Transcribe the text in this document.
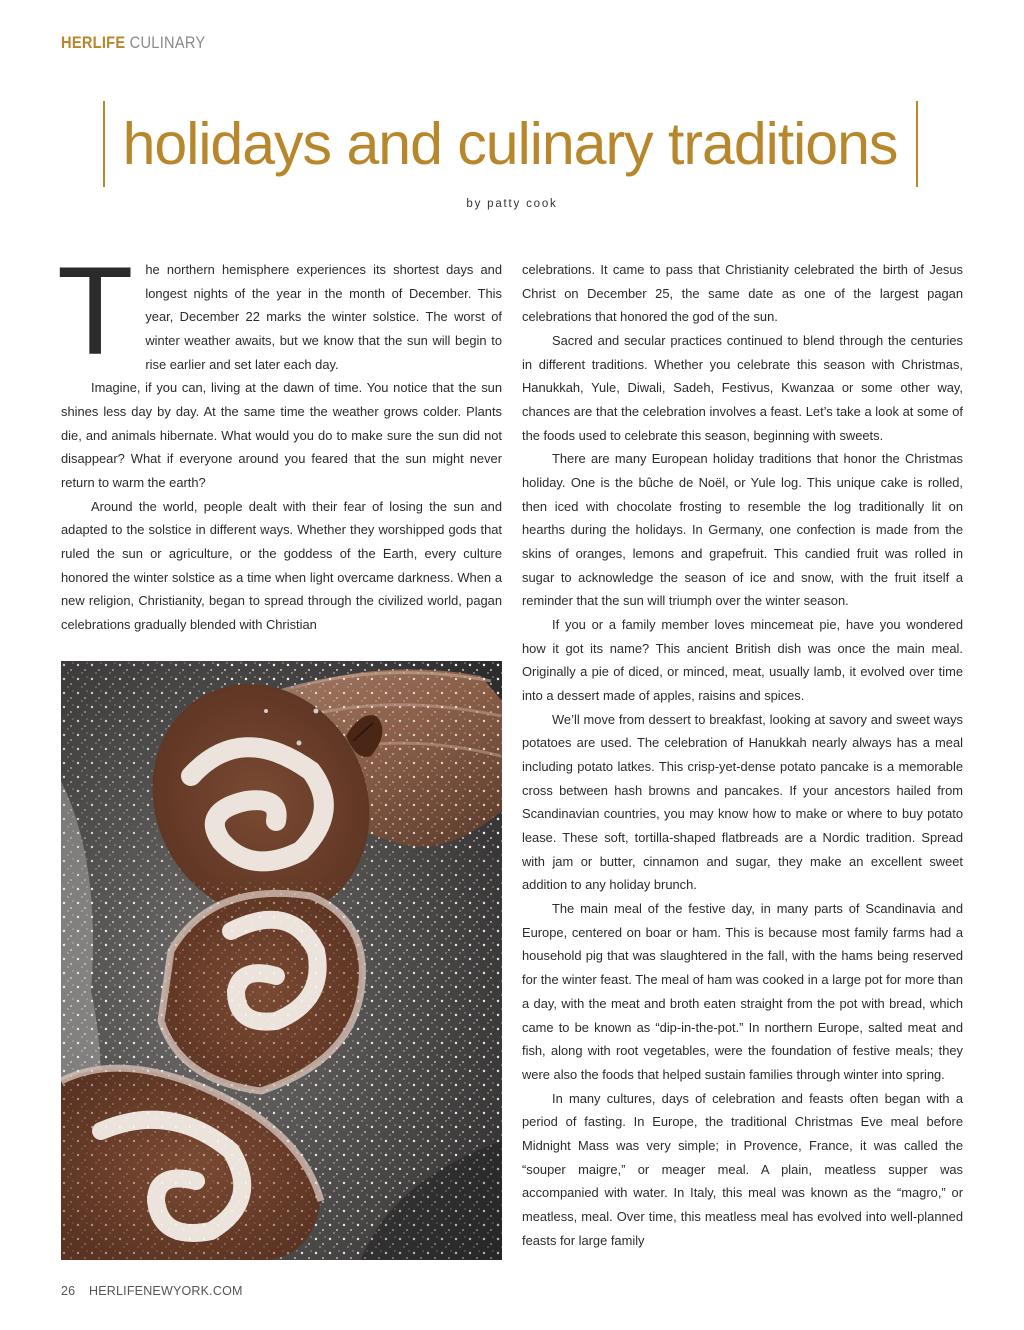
HERLIFE CULINARY
holidays and culinary traditions
by patty cook
T he northern hemisphere experiences its shortest days and longest nights of the year in the month of December. This year, December 22 marks the winter solstice. The worst of winter weather awaits, but we know that the sun will begin to rise earlier and set later each day.

Imagine, if you can, living at the dawn of time. You notice that the sun shines less day by day. At the same time the weather grows colder. Plants die, and animals hibernate. What would you do to make sure the sun did not disappear? What if everyone around you feared that the sun might never return to warm the earth?

Around the world, people dealt with their fear of losing the sun and adapted to the solstice in different ways. Whether they worshipped gods that ruled the sun or agriculture, or the goddess of the Earth, every culture honored the winter solstice as a time when light overcame darkness. When a new religion, Christianity, began to spread through the civilized world, pagan celebrations gradually blended with Christian

celebrations. It came to pass that Christianity celebrated the birth of Jesus Christ on December 25, the same date as one of the largest pagan celebrations that honored the god of the sun.

Sacred and secular practices continued to blend through the centuries in different traditions. Whether you celebrate this season with Christmas, Hanukkah, Yule, Diwali, Sadeh, Festivus, Kwanzaa or some other way, chances are that the celebration involves a feast. Let’s take a look at some of the foods used to celebrate this season, beginning with sweets.

There are many European holiday traditions that honor the Christmas holiday. One is the bûche de Noël, or Yule log. This unique cake is rolled, then iced with chocolate frosting to resemble the log traditionally lit on hearths during the holidays. In Germany, one confection is made from the skins of oranges, lemons and grapefruit. This candied fruit was rolled in sugar to acknowledge the season of ice and snow, with the fruit itself a reminder that the sun will triumph over the winter season.

If you or a family member loves mincemeat pie, have you wondered how it got its name? This ancient British dish was once the main meal. Originally a pie of diced, or minced, meat, usually lamb, it evolved over time into a dessert made of apples, raisins and spices.

We’ll move from dessert to breakfast, looking at savory and sweet ways potatoes are used. The celebration of Hanukkah nearly always has a meal including potato latkes. This crisp-yet-dense potato pancake is a memorable cross between hash browns and pancakes. If your ancestors hailed from Scandinavian countries, you may know how to make or where to buy potato lease. These soft, tortilla-shaped flatbreads are a Nordic tradition. Spread with jam or butter, cinnamon and sugar, they make an excellent sweet addition to any holiday brunch.

The main meal of the festive day, in many parts of Scandinavia and Europe, centered on boar or ham. This is because most family farms had a household pig that was slaughtered in the fall, with the hams being reserved for the winter feast. The meal of ham was cooked in a large pot for more than a day, with the meat and broth eaten straight from the pot with bread, which came to be known as “dip-in-the-pot.” In northern Europe, salted meat and fish, along with root vegetables, were the foundation of festive meals; they were also the foods that helped sustain families through winter into spring.

In many cultures, days of celebration and feasts often began with a period of fasting. In Europe, the traditional Christmas Eve meal before Midnight Mass was very simple; in Provence, France, it was called the “souper maigre,” or meager meal. A plain, meatless supper was accompanied with water. In Italy, this meal was known as the “magro,” or meatless, meal. Over time, this meatless meal has evolved into well-planned feasts for large family

26 HERLIFENEWYORK.COM
